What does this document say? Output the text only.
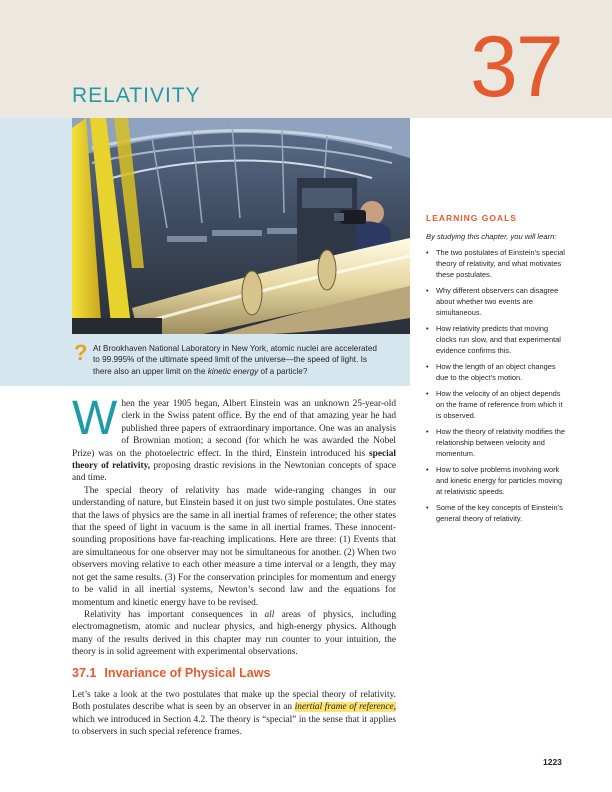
RELATIVITY	37
? At Brookhaven National Laboratory in New York, atomic nuclei are accelerated
to 99.995% of the ultimate speed limit of the universe—the speed of light. Is
there also an upper limit on the kinetic energy of a particle?
LEARNING GOALS
By studying this chapter, you will learn:
• The two postulates of Einstein’s special theory of relativity, and what motivates these postulates.
• Why different observers can disagree about whether two events are simultaneous.
• How relativity predicts that moving clocks run slow, and that experimental evidence confirms this.
• How the length of an object changes due to the object’s motion.
• How the velocity of an object depends on the frame of reference from which it is observed.
• How the theory of relativity modifies the relationship between velocity and momentum.
• How to solve problems involving work and kinetic energy for particles moving at relativistic speeds.
• Some of the key concepts of Einstein’s general theory of relativity.

When the year 1905 began, Albert Einstein was an unknown 25-year-old clerk in the Swiss patent office. By the end of that amazing year he had published three papers of extraordinary importance. One was an analysis of Brownian motion; a second (for which he was awarded the Nobel Prize) was on the photoelectric effect. In the third, Einstein introduced his special theory of relativity, proposing drastic revisions in the Newtonian concepts of space and time.

The special theory of relativity has made wide-ranging changes in our understanding of nature, but Einstein based it on just two simple postulates. One states that the laws of physics are the same in all inertial frames of reference; the other states that the speed of light in vacuum is the same in all inertial frames. These innocent-sounding propositions have far-reaching implications. Here are three: (1) Events that are simultaneous for one observer may not be simultaneous for another. (2) When two observers moving relative to each other measure a time interval or a length, they may not get the same results. (3) For the conservation principles for momentum and energy to be valid in all inertial systems, Newton’s second law and the equations for momentum and kinetic energy have to be revised.

Relativity has important consequences in all areas of physics, including electromagnetism, atomic and nuclear physics, and high-energy physics. Although many of the results derived in this chapter may run counter to your intuition, the theory is in solid agreement with experimental observations.

37.1 Invariance of Physical Laws

Let’s take a look at the two postulates that make up the special theory of relativity. Both postulates describe what is seen by an observer in an inertial frame of reference, which we introduced in Section 4.2. The theory is “special” in the sense that it applies to observers in such special reference frames.

1223
